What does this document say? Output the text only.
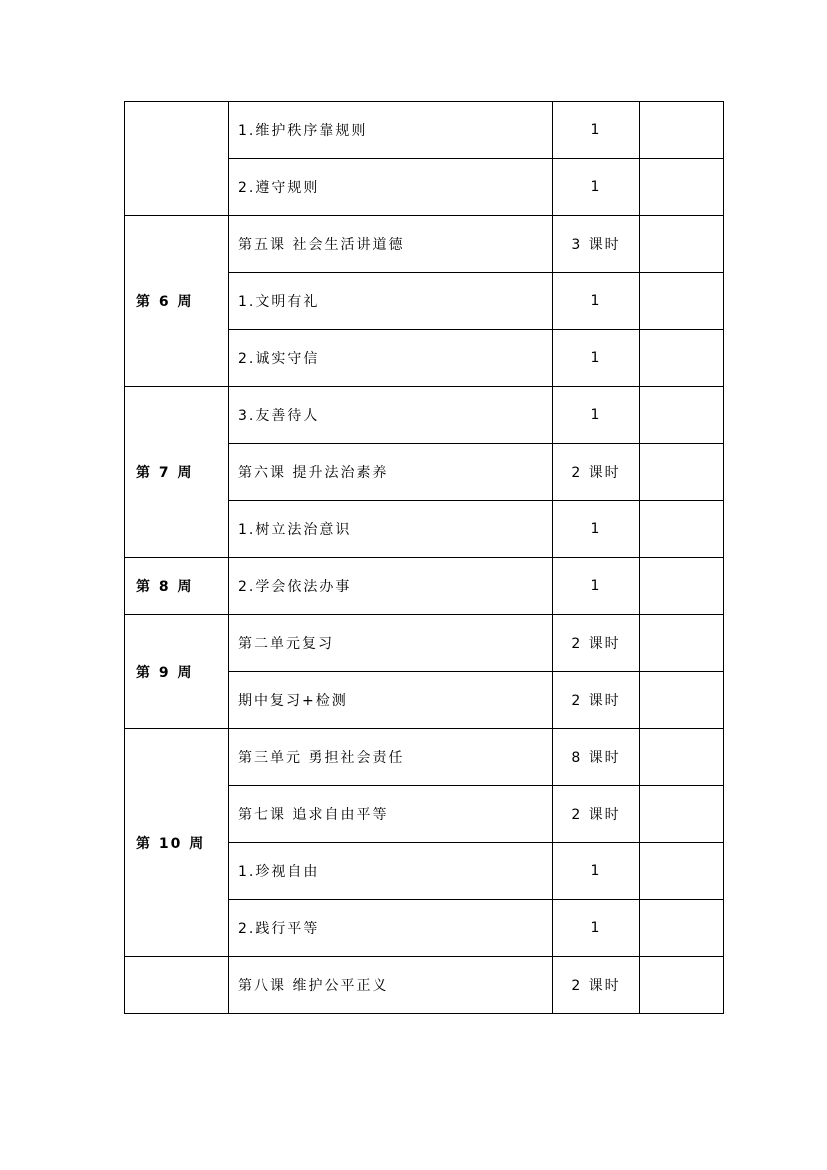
	1.维护秩序靠规则	1	
	2.遵守规则	1	
第 6 周	第五课 社会生活讲道德	3 课时	
	1.文明有礼	1	
	2.诚实守信	1	
第 7 周	3.友善待人	1	
	第六课 提升法治素养	2 课时	
	1.树立法治意识	1	
第 8 周	2.学会依法办事	1	
第 9 周	第二单元复习	2 课时	
	期中复习+检测	2 课时	
第 10 周	第三单元 勇担社会责任	8 课时	
	第七课 追求自由平等	2 课时	
	1.珍视自由	1	
	2.践行平等	1	
	第八课 维护公平正义	2 课时	
